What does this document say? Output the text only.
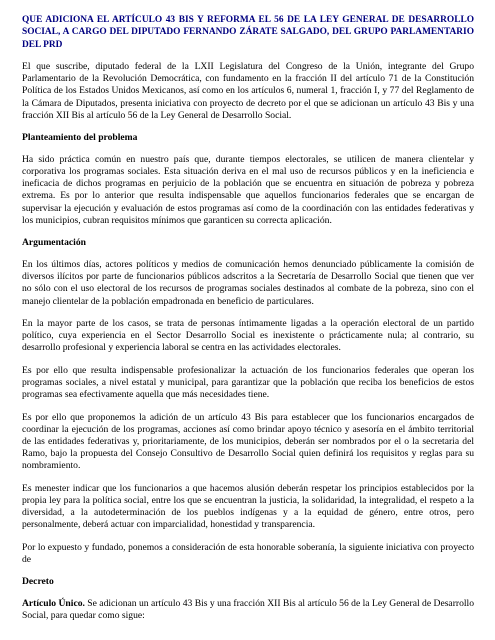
QUE ADICIONA EL ARTÍCULO 43 BIS Y REFORMA EL 56 DE LA LEY GENERAL DE DESARROLLO SOCIAL, A CARGO DEL DIPUTADO FERNANDO ZÁRATE SALGADO, DEL GRUPO PARLAMENTARIO DEL PRD

El que suscribe, diputado federal de la LXII Legislatura del Congreso de la Unión, integrante del Grupo Parlamentario de la Revolución Democrática, con fundamento en la fracción II del artículo 71 de la Constitución Política de los Estados Unidos Mexicanos, así como en los artículos 6, numeral 1, fracción I, y 77 del Reglamento de la Cámara de Diputados, presenta iniciativa con proyecto de decreto por el que se adicionan un artículo 43 Bis y una fracción XII Bis al artículo 56 de la Ley General de Desarrollo Social.

Planteamiento del problema

Ha sido práctica común en nuestro país que, durante tiempos electorales, se utilicen de manera clientelar y corporativa los programas sociales. Esta situación deriva en el mal uso de recursos públicos y en la ineficiencia e ineficacia de dichos programas en perjuicio de la población que se encuentra en situación de pobreza y pobreza extrema. Es por lo anterior que resulta indispensable que aquellos funcionarios federales que se encargan de supervisar la ejecución y evaluación de estos programas así como de la coordinación con las entidades federativas y los municipios, cubran requisitos mínimos que garanticen su correcta aplicación.

Argumentación

En los últimos días, actores políticos y medios de comunicación hemos denunciado públicamente la comisión de diversos ilícitos por parte de funcionarios públicos adscritos a la Secretaría de Desarrollo Social que tienen que ver no sólo con el uso electoral de los recursos de programas sociales destinados al combate de la pobreza, sino con el manejo clientelar de la población empadronada en beneficio de particulares.

En la mayor parte de los casos, se trata de personas íntimamente ligadas a la operación electoral de un partido político, cuya experiencia en el Sector Desarrollo Social es inexistente o prácticamente nula; al contrario, su desarrollo profesional y experiencia laboral se centra en las actividades electorales.

Es por ello que resulta indispensable profesionalizar la actuación de los funcionarios federales que operan los programas sociales, a nivel estatal y municipal, para garantizar que la población que reciba los beneficios de estos programas sea efectivamente aquella que más necesidades tiene.

Es por ello que proponemos la adición de un artículo 43 Bis para establecer que los funcionarios encargados de coordinar la ejecución de los programas, acciones así como brindar apoyo técnico y asesoría en el ámbito territorial de las entidades federativas y, prioritariamente, de los municipios, deberán ser nombrados por el o la secretaria del Ramo, bajo la propuesta del Consejo Consultivo de Desarrollo Social quien definirá los requisitos y reglas para su nombramiento.

Es menester indicar que los funcionarios a que hacemos alusión deberán respetar los principios establecidos por la propia ley para la política social, entre los que se encuentran la justicia, la solidaridad, la integralidad, el respeto a la diversidad, a la autodeterminación de los pueblos indígenas y a la equidad de género, entre otros, pero personalmente, deberá actuar con imparcialidad, honestidad y transparencia.

Por lo expuesto y fundado, ponemos a consideración de esta honorable soberanía, la siguiente iniciativa con proyecto de

Decreto

Artículo Único. Se adicionan un artículo 43 Bis y una fracción XII Bis al artículo 56 de la Ley General de Desarrollo Social, para quedar como sigue:
